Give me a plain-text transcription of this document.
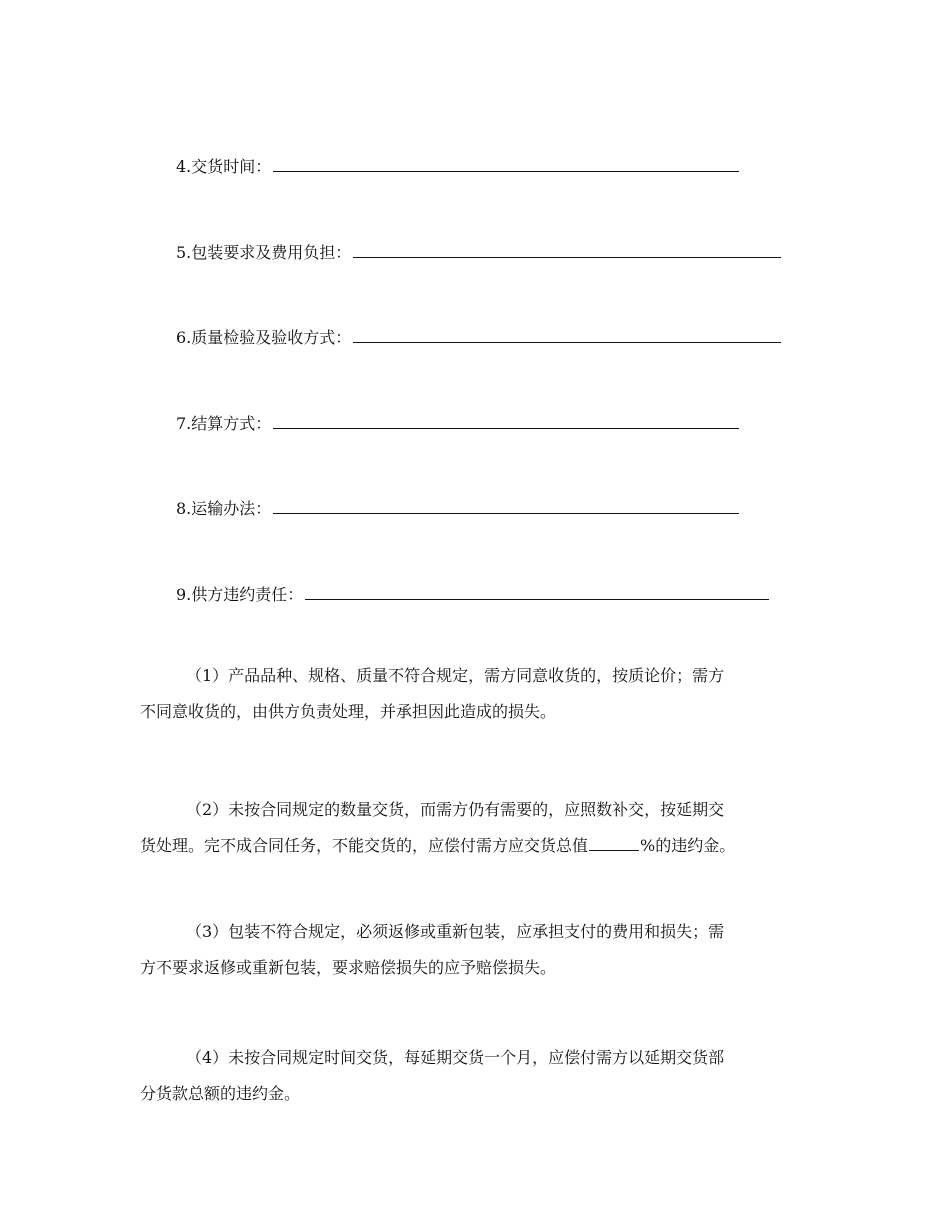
4.交货时间：
5.包装要求及费用负担：
6.质量检验及验收方式：
7.结算方式：
8.运输办法：
9.供方违约责任：
（1）产品品种、规格、质量不符合规定，需方同意收货的，按质论价；需方
不同意收货的，由供方负责处理，并承担因此造成的损失。
（2）未按合同规定的数量交货，而需方仍有需要的，应照数补交，按延期交
货处理。完不成合同任务，不能交货的，应偿付需方应交货总值	%的违约金。
（3）包装不符合规定，必须返修或重新包装，应承担支付的费用和损失；需
方不要求返修或重新包装，要求赔偿损失的应予赔偿损失。
（4）未按合同规定时间交货，每延期交货一个月，应偿付需方以延期交货部
分货款总额的违约金。
